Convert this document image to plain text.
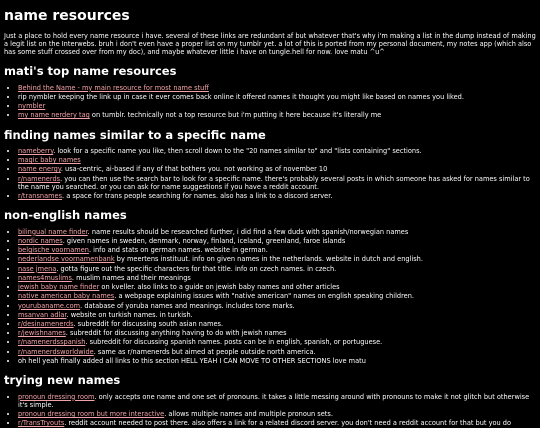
name resources

Just a place to hold every name resource i have. several of these links are redundant af but whatever that's why i'm making a list in the dump instead of making a legit list on the Interwebs. bruh i don't even have a proper list on my tumblr yet. a lot of this is ported from my personal document, my notes app (which also has some stuff crossed over from my doc), and maybe whatever little i have on tungle.hell for now. love matu ^u^

mati's top name resources
• Behind the Name - my main resource for most name stuff
• rip nymbler keeping the link up in case it ever comes back online it offered names it thought you might like based on names you liked.
• nymbler
• my name nerdery tag on tumblr. technically not a top resource but i'm putting it here because it's literally me
finding names similar to a specific name
• nameberry. look for a specific name you like, then scroll down to the "20 names similar to" and "lists containing" sections.
• magic baby names
• name energy. usa-centric, ai-based if any of that bothers you. not working as of november 10
• r/namenerds. you can then use the search bar to look for a specific name. there's probably several posts in which someone has asked for names similar to the name you searched. or you can ask for name suggestions if you have a reddit account.
• r/transnames. a space for trans people searching for names. also has a link to a discord server.
non-english names
• bilingual name finder. name results should be researched further, i did find a few duds with spanish/norwegian names
• nordic names. given names in sweden, denmark, norway, finland, iceland, greenland, faroe islands
• belgische voornamen. info and stats on german names. website in german.
• nederlandse voornamenbank by meertens instituut. info on given names in the netherlands. website in dutch and english.
• nase jmena. gotta figure out the specific characters for that title. info on czech names. in czech.
• names4muslims. muslim names and their meanings
• jewish baby name finder on kveller. also links to a guide on jewish baby names and other articles
• native american baby names. a webpage explaining issues with "native american" names on english speaking children.
• yourubaname.com. database of yoruba names and meanings. includes tone marks.
• msanvan adlar. website on turkish names. in turkish.
• r/desinamenerds. subreddit for discussing south asian names.
• r/jewishnames. subreddit for discussing anything having to do with jewish names
• r/namenerdsspanish. subreddit for discussing spanish names. posts can be in english, spanish, or portuguese.
• r/namenerdsworldwide. same as r/namenerds but aimed at people outside north america.
• oh hell yeah finally added all links to this section HELL YEAH I CAN MOVE TO OTHER SECTIONS love matu
trying new names
• pronoun dressing room. only accepts one name and one set of pronouns. it takes a little messing around with pronouns to make it not glitch but otherwise it's simple.
• pronoun dressing room but more interactive. allows multiple names and multiple pronoun sets.
• r/TransTryouts. reddit account needed to post there. also offers a link for a related discord server. you don't need a reddit account for that but you do
